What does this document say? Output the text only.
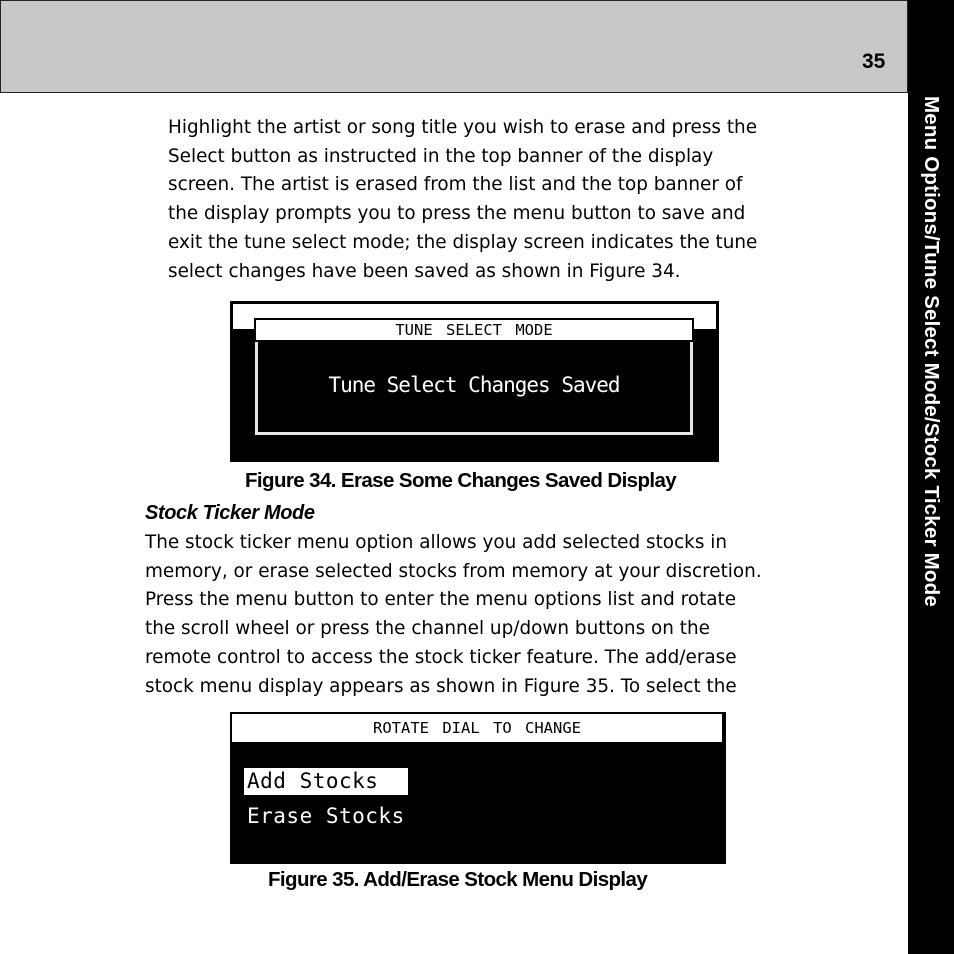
35
Menu Options/Tune Select Mode/Stock Ticker Mode
Highlight the artist or song title you wish to erase and press the
Select button as instructed in the top banner of the display
screen. The artist is erased from the list and the top banner of
the display prompts you to press the menu button to save and
exit the tune select mode; the display screen indicates the tune
select changes have been saved as shown in Figure 34.
TUNE SELECT MODE
Tune Select Changes Saved
Figure 34. Erase Some Changes Saved Display
Stock Ticker Mode
The stock ticker menu option allows you add selected stocks in
memory, or erase selected stocks from memory at your discretion.
Press the menu button to enter the menu options list and rotate
the scroll wheel or press the channel up/down buttons on the
remote control to access the stock ticker feature. The add/erase
stock menu display appears as shown in Figure 35. To select the
ROTATE DIAL TO CHANGE
Add Stocks
Erase Stocks
Figure 35. Add/Erase Stock Menu Display
